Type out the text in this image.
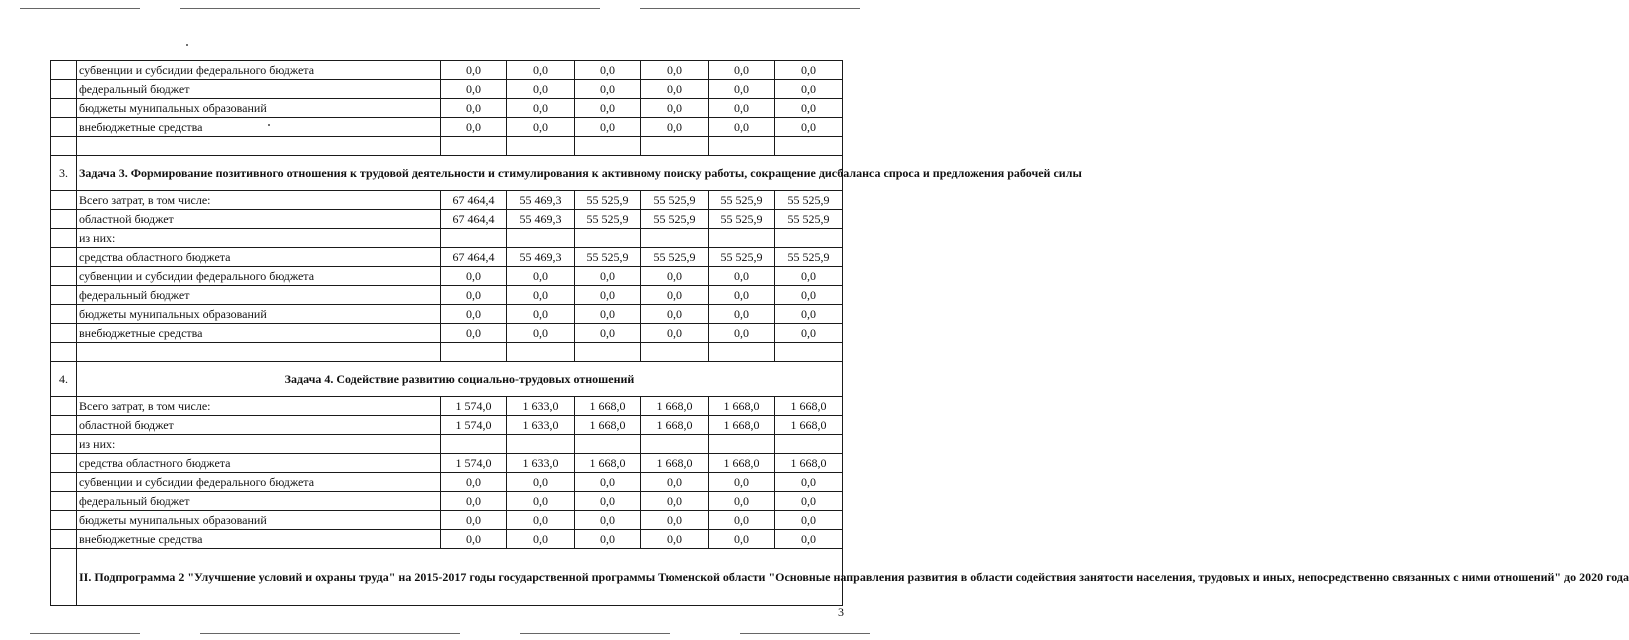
	субвенции и субсидии федерального бюджета	0,0	0,0	0,0	0,0	0,0	0,0
	федеральный бюджет	0,0	0,0	0,0	0,0	0,0	0,0
	бюджеты мунипальных образований	0,0	0,0	0,0	0,0	0,0	0,0
	внебюджетные средства	0,0	0,0	0,0	0,0	0,0	0,0

3.	Задача 3. Формирование позитивного отношения к трудовой деятельности и стимулирования к активному поиску работы, сокращение дисбаланса спроса и предложения рабочей силы						
	Всего затрат, в том числе:	67 464,4	55 469,3	55 525,9	55 525,9	55 525,9	55 525,9
	областной бюджет	67 464,4	55 469,3	55 525,9	55 525,9	55 525,9	55 525,9
	из них:						
	средства областного бюджета	67 464,4	55 469,3	55 525,9	55 525,9	55 525,9	55 525,9
	субвенции и субсидии федерального бюджета	0,0	0,0	0,0	0,0	0,0	0,0
	федеральный бюджет	0,0	0,0	0,0	0,0	0,0	0,0
	бюджеты мунипальных образований	0,0	0,0	0,0	0,0	0,0	0,0
	внебюджетные средства	0,0	0,0	0,0	0,0	0,0	0,0

4.	Задача 4. Содействие развитию социально-трудовых отношений						
	Всего затрат, в том числе:	1 574,0	1 633,0	1 668,0	1 668,0	1 668,0	1 668,0
	областной бюджет	1 574,0	1 633,0	1 668,0	1 668,0	1 668,0	1 668,0
	из них:						
	средства областного бюджета	1 574,0	1 633,0	1 668,0	1 668,0	1 668,0	1 668,0
	субвенции и субсидии федерального бюджета	0,0	0,0	0,0	0,0	0,0	0,0
	федеральный бюджет	0,0	0,0	0,0	0,0	0,0	0,0
	бюджеты мунипальных образований	0,0	0,0	0,0	0,0	0,0	0,0
	внебюджетные средства	0,0	0,0	0,0	0,0	0,0	0,0
	II. Подпрограмма 2 "Улучшение условий и охраны труда" на 2015-2017 годы государственной программы Тюменской области "Основные направления развития в области содействия занятости населения, трудовых и иных, непосредственно связанных с ними отношений" до 2020 года						
3
